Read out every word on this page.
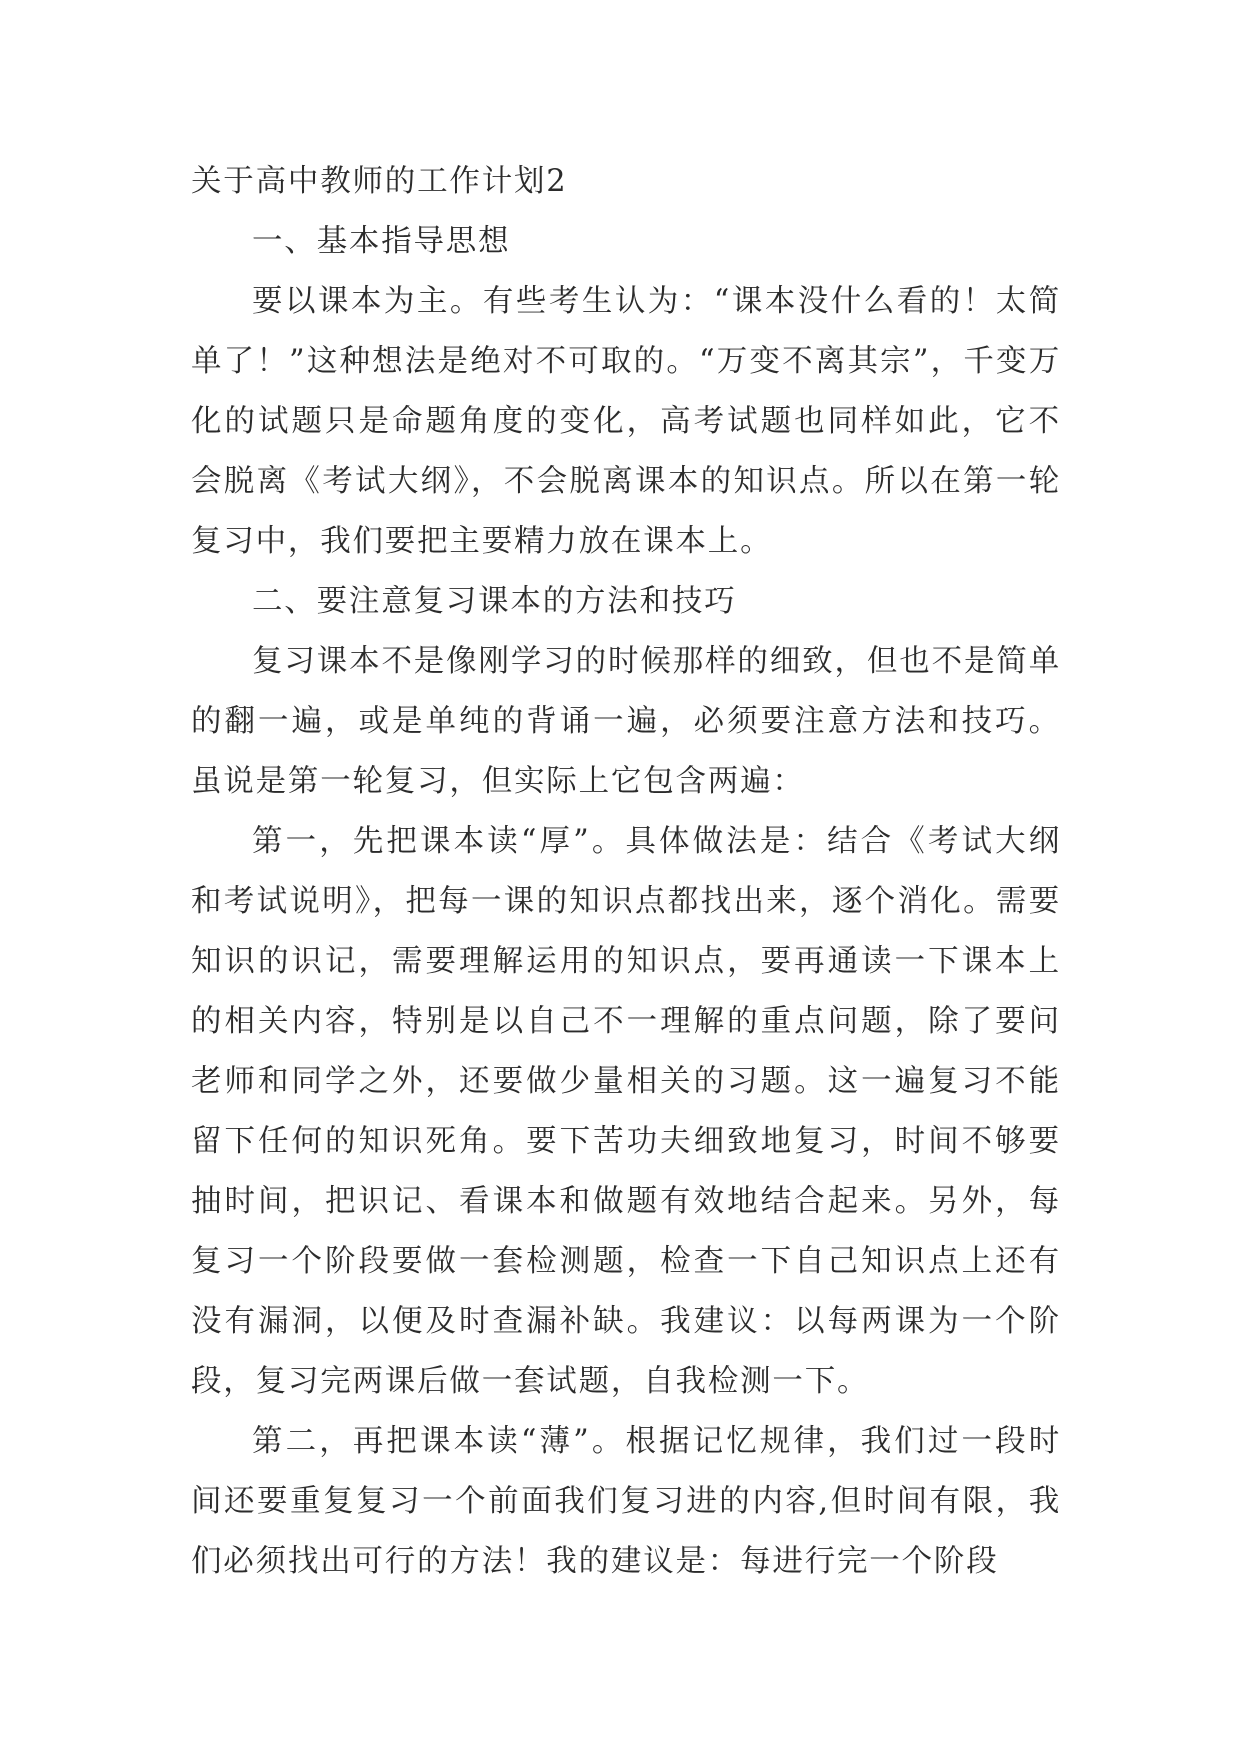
关于高中教师的工作计划2

一、基本指导思想

要以课本为主。有些考生认为：“课本没什么看的！太简单了！”这种想法是绝对不可取的。“万变不离其宗”，千变万化的试题只是命题角度的变化，高考试题也同样如此，它不会脱离《考试大纲》，不会脱离课本的知识点。所以在第一轮复习中，我们要把主要精力放在课本上。

二、要注意复习课本的方法和技巧

复习课本不是像刚学习的时候那样的细致，但也不是简单的翻一遍，或是单纯的背诵一遍，必须要注意方法和技巧。虽说是第一轮复习，但实际上它包含两遍：

第一，先把课本读“厚”。具体做法是：结合《考试大纲和考试说明》，把每一课的知识点都找出来，逐个消化。需要知识的识记，需要理解运用的知识点，要再通读一下课本上的相关内容，特别是以自己不一理解的重点问题，除了要问老师和同学之外，还要做少量相关的习题。这一遍复习不能留下任何的知识死角。要下苦功夫细致地复习，时间不够要抽时间，把识记、看课本和做题有效地结合起来。另外，每复习一个阶段要做一套检测题，检查一下自己知识点上还有没有漏洞，以便及时查漏补缺。我建议：以每两课为一个阶段，复习完两课后做一套试题，自我检测一下。

第二，再把课本读“薄”。根据记忆规律，我们过一段时间还要重复复习一个前面我们复习进的内容,但时间有限，我们必须找出可行的方法！我的建议是：每进行完一个阶段
